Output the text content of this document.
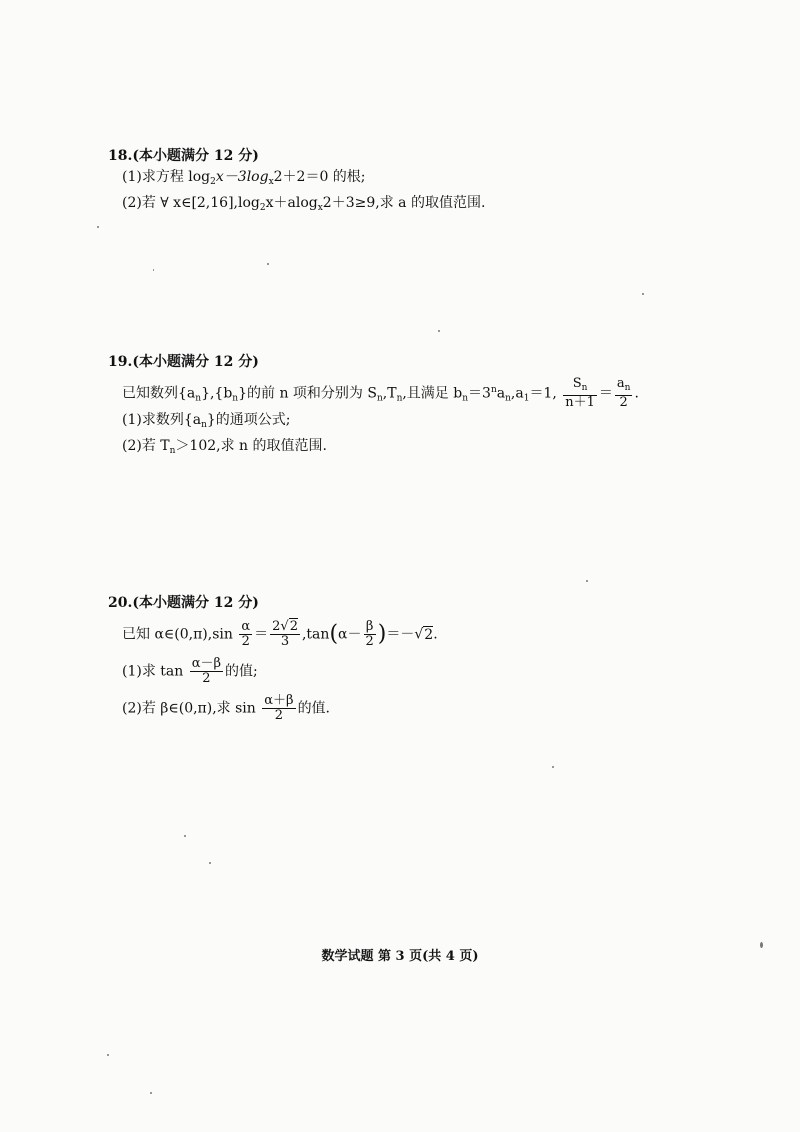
18.(本小题满分 12 分)
(1)求方程 $\log_2x-3\log_x2+2=0$ 的根;
(2)若 ∀ $x\in[2,16],\log_2x+alog_x2+3\ge 9$,求 a 的取值范围.
19.(本小题满分 12 分)
已知数列$\{a_n\},\{b_n\}$的前 n 项和分别为 $S_n,T_n$,且满足 $b_n=3^na_n,a_1=1$, $\frac{S_n}{n+1} = \frac{a_n}{2}$ .
(1)求数列$\{a_n\}$的通项公式;
(2)若 $T_n>102$,求 n 的取值范围.
20.(本小题满分 12 分)
已知 α∈(0,π),sin $\frac{\alpha}{2} = \frac{2√2}{3} ,\tan(\alpha- \frac{\beta}{2} )=-√2$.
(1)求 $\tan \frac{\alpha-\beta}{2}$ 的值;
(2)若 β∈(0,π),求 $\sin \frac{\alpha+\beta}{2}$ 的值.
数学试题 第 3 页(共 4 页)
